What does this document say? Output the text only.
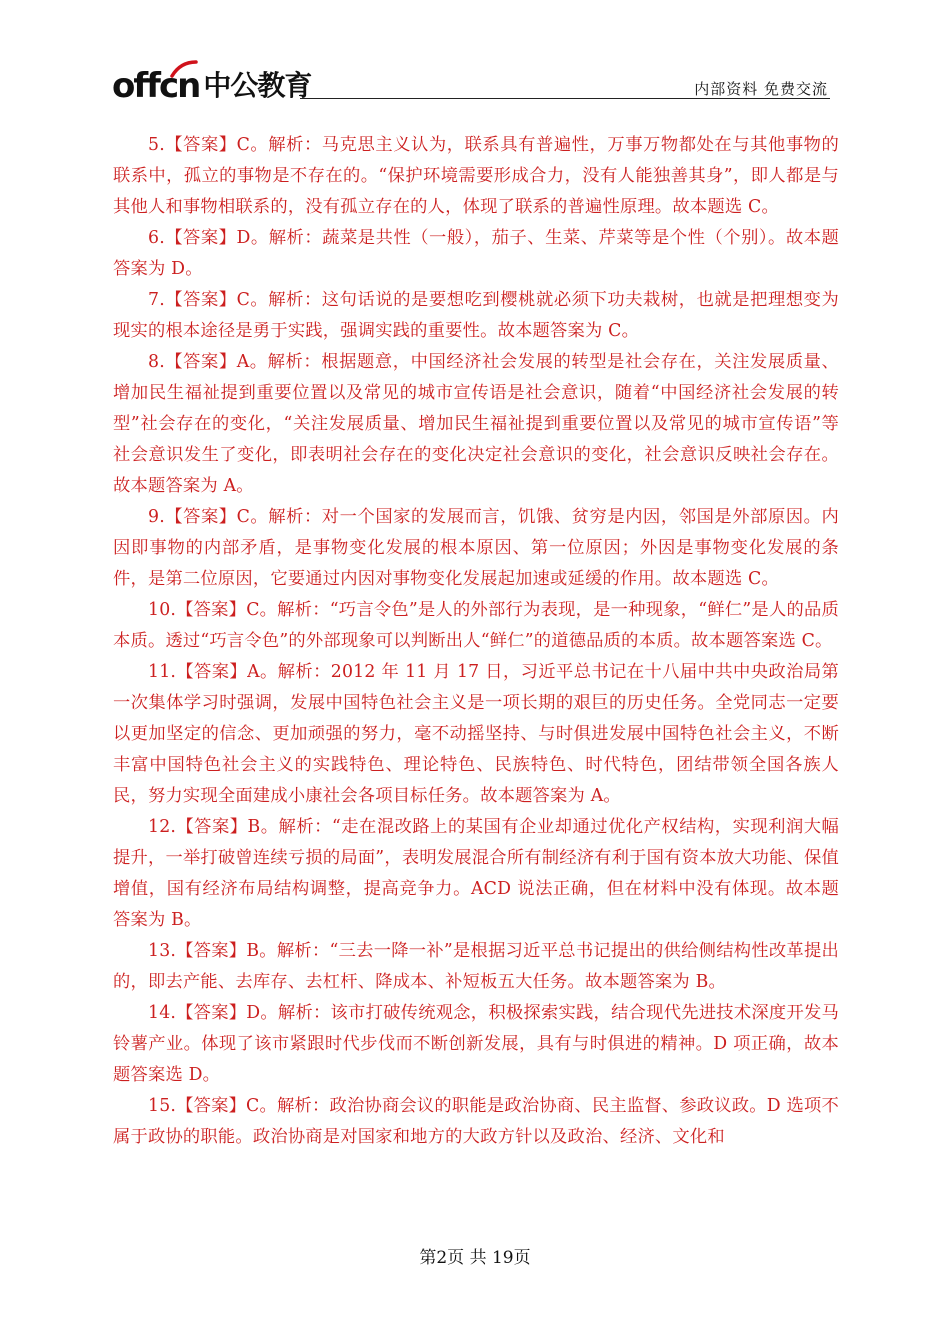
offcn 中公教育	内部资料 免费交流

5.【答案】C。解析：马克思主义认为，联系具有普遍性，万事万物都处在与其他事物的联系中，孤立的事物是不存在的。“保护环境需要形成合力，没有人能独善其身”，即人都是与其他人和事物相联系的，没有孤立存在的人，体现了联系的普遍性原理。故本题选 C。

6.【答案】D。解析：蔬菜是共性（一般），茄子、生菜、芹菜等是个性（个别）。故本题答案为 D。

7.【答案】C。解析：这句话说的是要想吃到樱桃就必须下功夫栽树，也就是把理想变为现实的根本途径是勇于实践，强调实践的重要性。故本题答案为 C。

8.【答案】A。解析：根据题意，中国经济社会发展的转型是社会存在，关注发展质量、增加民生福祉提到重要位置以及常见的城市宣传语是社会意识，随着“中国经济社会发展的转型”社会存在的变化，“关注发展质量、增加民生福祉提到重要位置以及常见的城市宣传语”等社会意识发生了变化，即表明社会存在的变化决定社会意识的变化，社会意识反映社会存在。故本题答案为 A。

9.【答案】C。解析：对一个国家的发展而言，饥饿、贫穷是内因，邻国是外部原因。内因即事物的内部矛盾，是事物变化发展的根本原因、第一位原因；外因是事物变化发展的条件，是第二位原因，它要通过内因对事物变化发展起加速或延缓的作用。故本题选 C。

10.【答案】C。解析：“巧言令色”是人的外部行为表现，是一种现象，“鲜仁”是人的品质本质。透过“巧言令色”的外部现象可以判断出人“鲜仁”的道德品质的本质。故本题答案选 C。

11.【答案】A。解析：2012 年 11 月 17 日，习近平总书记在十八届中共中央政治局第一次集体学习时强调，发展中国特色社会主义是一项长期的艰巨的历史任务。全党同志一定要以更加坚定的信念、更加顽强的努力，毫不动摇坚持、与时俱进发展中国特色社会主义，不断丰富中国特色社会主义的实践特色、理论特色、民族特色、时代特色，团结带领全国各族人民，努力实现全面建成小康社会各项目标任务。故本题答案为 A。

12.【答案】B。解析：“走在混改路上的某国有企业却通过优化产权结构，实现利润大幅提升，一举打破曾连续亏损的局面”，表明发展混合所有制经济有利于国有资本放大功能、保值增值，国有经济布局结构调整，提高竞争力。ACD 说法正确，但在材料中没有体现。故本题答案为 B。

13.【答案】B。解析：“三去一降一补”是根据习近平总书记提出的供给侧结构性改革提出的，即去产能、去库存、去杠杆、降成本、补短板五大任务。故本题答案为 B。

14.【答案】D。解析：该市打破传统观念，积极探索实践，结合现代先进技术深度开发马铃薯产业。体现了该市紧跟时代步伐而不断创新发展，具有与时俱进的精神。D 项正确，故本题答案选 D。

15.【答案】C。解析：政治协商会议的职能是政治协商、民主监督、参政议政。D 选项不属于政协的职能。政治协商是对国家和地方的大政方针以及政治、经济、文化和

第2页 共 19页
